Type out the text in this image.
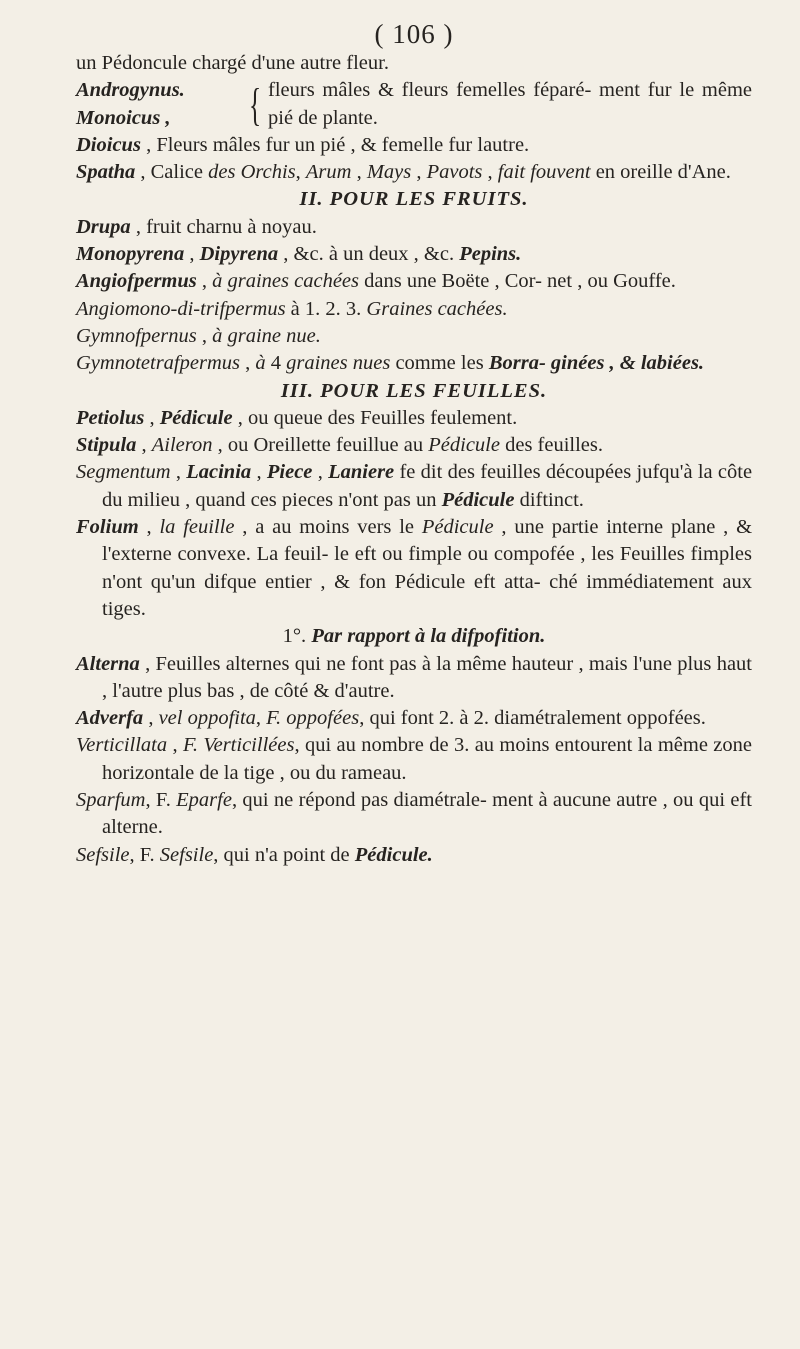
( 106 )

un Pédoncule chargé d'une autre fleur.

Androgynus.
Monoicus ,	{ fleurs mâles & fleurs femelles féparé- ment fur le même pié de plante.

Dioicus , Fleurs mâles fur un pié , & femelle fur lautre.

Spatha , Calice des Orchis, Arum , Mays , Pavots , fait fouvent en oreille d'Ane.

II. POUR LES FRUITS.

Drupa , fruit charnu à noyau.

Monopyrena , Dipyrena , &c. à un deux , &c. Pepins.

Angiofpermus , à graines cachées dans une Boëte , Cor- net , ou Gouffe.

Angiomono-di-trifpermus à 1. 2. 3. Graines cachées.

Gymnofpernus , à graine nue.

Gymnotetrafpermus , à 4 graines nues comme les Borra- ginées , & labiées.

III. POUR LES FEUILLES.

Petiolus , Pédicule , ou queue des Feuilles feulement.

Stipula , Aileron , ou Oreillette feuillue au Pédicule des feuilles.

Segmentum , Lacinia , Piece , Laniere fe dit des feuilles découpées jufqu'à la côte du milieu , quand ces pieces n'ont pas un Pédicule diftinct.

Folium , la feuille , a au moins vers le Pédicule , une partie interne plane , & l'externe convexe. La feuil- le eft ou fimple ou compofée , les Feuilles fimples n'ont qu'un difque entier , & fon Pédicule eft atta- ché immédiatement aux tiges.

1°. Par rapport à la difpofition.

Alterna , Feuilles alternes qui ne font pas à la même hauteur , mais l'une plus haut , l'autre plus bas , de côté & d'autre.

Adverfa , vel oppofita, F. oppofées, qui font 2. à 2. diamétralement oppofées.

Verticillata , F. Verticillées, qui au nombre de 3. au moins entourent la même zone horizontale de la tige , ou du rameau.

Sparfum, F. Eparfe, qui ne répond pas diamétrale- ment à aucune autre , ou qui eft alterne.

Sefsile, F. Sefsile, qui n'a point de Pédicule.
